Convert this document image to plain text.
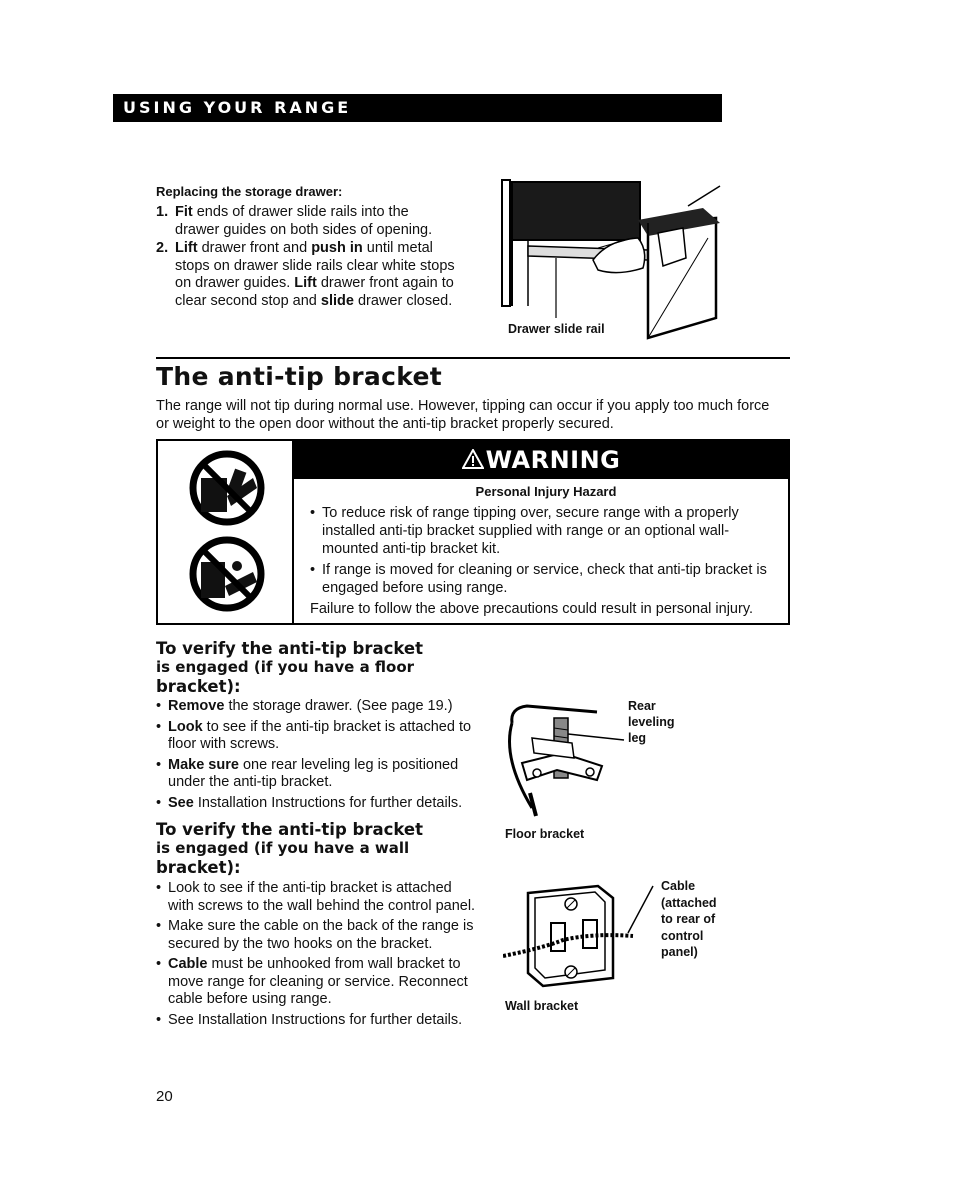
USING YOUR RANGE
Replacing the storage drawer:
1. Fit ends of drawer slide rails into the drawer guides on both sides of opening.
2. Lift drawer front and push in until metal stops on drawer slide rails clear white stops on drawer guides. Lift drawer front again to clear second stop and slide drawer closed.
Drawer slide rail
The anti-tip bracket
The range will not tip during normal use. However, tipping can occur if you apply too much force or weight to the open door without the anti-tip bracket properly secured.
WARNING
Personal Injury Hazard
• To reduce risk of range tipping over, secure range with a properly installed anti-tip bracket supplied with range or an optional wall-mounted anti-tip bracket kit.
• If range is moved for cleaning or service, check that anti-tip bracket is engaged before using range.
Failure to follow the above precautions could result in personal injury.
To verify the anti-tip bracket
is engaged (if you have a floor
bracket):
• Remove the storage drawer. (See page 19.)
• Look to see if the anti-tip bracket is attached to floor with screws.
• Make sure one rear leveling leg is positioned under the anti-tip bracket.
• See Installation Instructions for further details.
Rear
leveling
leg
Floor bracket
To verify the anti-tip bracket
is engaged (if you have a wall
bracket):
• Look to see if the anti-tip bracket is attached with screws to the wall behind the control panel.
• Make sure the cable on the back of the range is secured by the two hooks on the bracket.
• Cable must be unhooked from wall bracket to move range for cleaning or service. Reconnect cable before using range.
• See Installation Instructions for further details.
Cable
(attached
to rear of
control
panel)
Wall bracket
20
